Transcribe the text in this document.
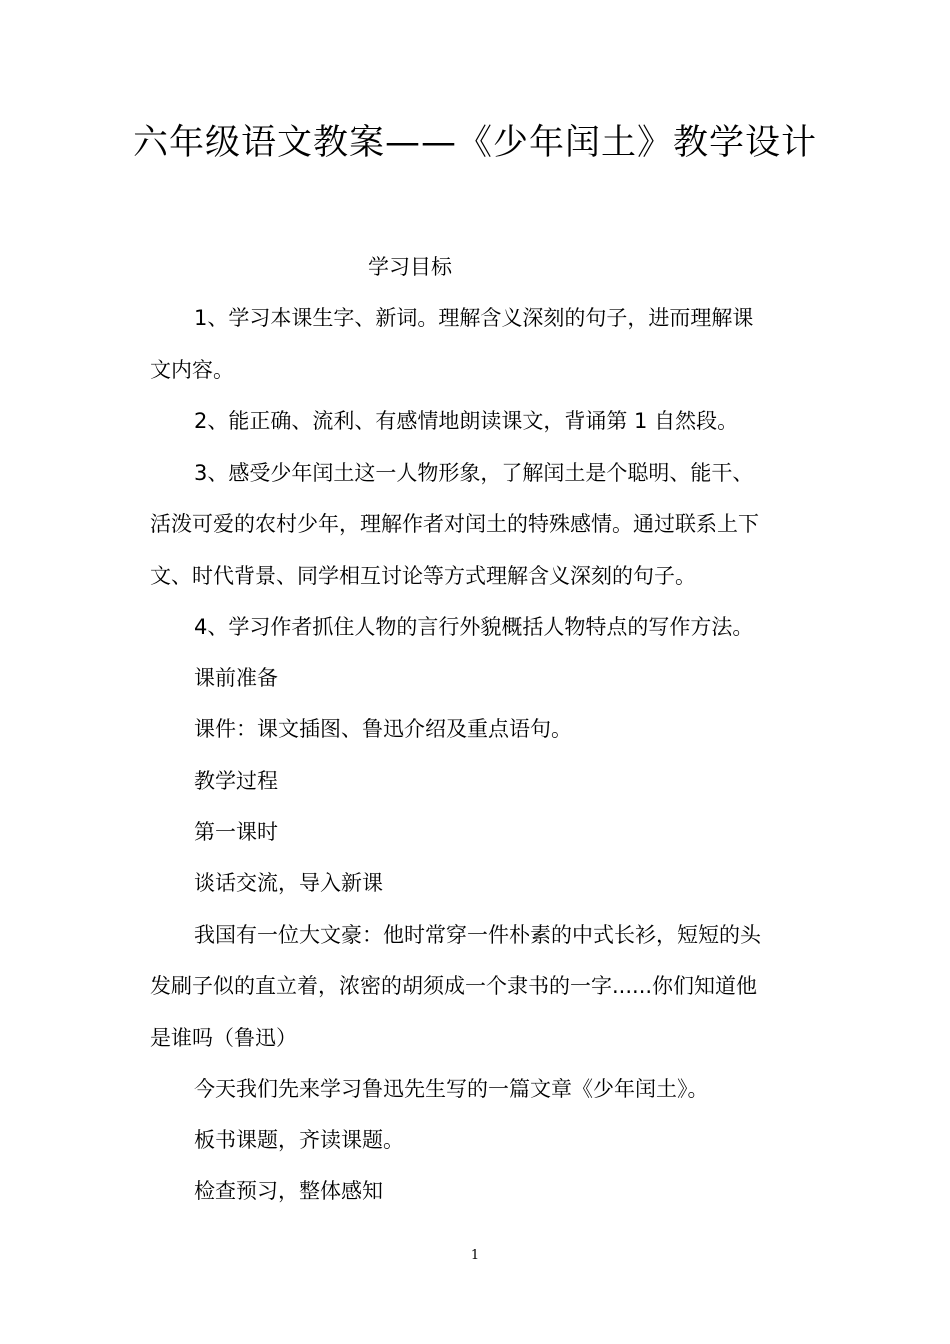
六年级语文教案——《少年闰土》教学设计
学习目标
1、学习本课生字、新词。理解含义深刻的句子，进而理解课
文内容。
2、能正确、流利、有感情地朗读课文，背诵第 1 自然段。
3、感受少年闰土这一人物形象，了解闰土是个聪明、能干、
活泼可爱的农村少年，理解作者对闰土的特殊感情。通过联系上下
文、时代背景、同学相互讨论等方式理解含义深刻的句子。
4、学习作者抓住人物的言行外貌概括人物特点的写作方法。
课前准备
课件：课文插图、鲁迅介绍及重点语句。
教学过程
第一课时
谈话交流，导入新课
我国有一位大文豪：他时常穿一件朴素的中式长衫，短短的头
发刷子似的直立着，浓密的胡须成一个隶书的一字......你们知道他
是谁吗（鲁迅）
今天我们先来学习鲁迅先生写的一篇文章《少年闰土》。
板书课题，齐读课题。
检查预习，整体感知
1
